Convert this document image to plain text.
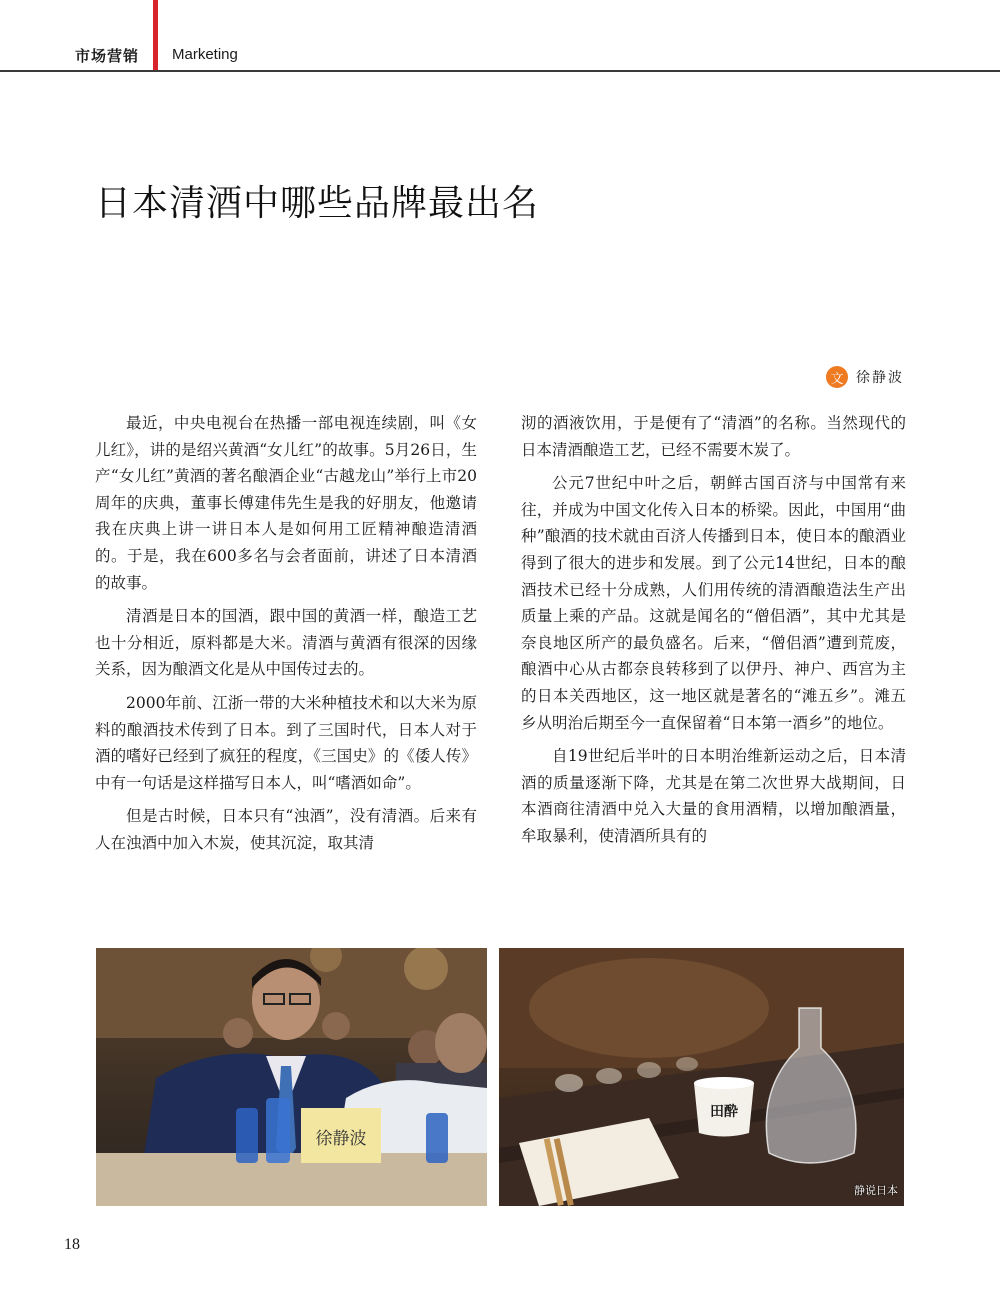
市场营销 Marketing
日本清酒中哪些品牌最出名
文 徐静波

最近，中央电视台在热播一部电视连续剧，叫《女儿红》，讲的是绍兴黄酒“女儿红”的故事。5月26日，生产“女儿红”黄酒的著名酿酒企业“古越龙山”举行上市20周年的庆典，董事长傅建伟先生是我的好朋友，他邀请我在庆典上讲一讲日本人是如何用工匠精神酿造清酒的。于是，我在600多名与会者面前，讲述了日本清酒的故事。

清酒是日本的国酒，跟中国的黄酒一样，酿造工艺也十分相近，原料都是大米。清酒与黄酒有很深的因缘关系，因为酿酒文化是从中国传过去的。

2000年前、江浙一带的大米种植技术和以大米为原料的酿酒技术传到了日本。到了三国时代，日本人对于酒的嗜好已经到了疯狂的程度，《三国史》的《倭人传》中有一句话是这样描写日本人，叫“嗜酒如命”。

但是古时候，日本只有“浊酒”，没有清酒。后来有人在浊酒中加入木炭，使其沉淀，取其清

沏的酒液饮用，于是便有了“清酒”的名称。当然现代的日本清酒酿造工艺，已经不需要木炭了。

公元7世纪中叶之后，朝鲜古国百济与中国常有来往，并成为中国文化传入日本的桥梁。因此，中国用“曲种”酿酒的技术就由百济人传播到日本，使日本的酿酒业得到了很大的进步和发展。到了公元14世纪，日本的酿酒技术已经十分成熟，人们用传统的清酒酿造法生产出质量上乘的产品。这就是闻名的“僧侣酒”，其中尤其是奈良地区所产的最负盛名。后来，“僧侣酒”遭到荒废，酿酒中心从古都奈良转移到了以伊丹、神户、西宫为主的日本关西地区，这一地区就是著名的“滩五乡”。滩五乡从明治后期至今一直保留着“日本第一酒乡”的地位。

自19世纪后半叶的日本明治维新运动之后，日本清酒的质量逐渐下降，尤其是在第二次世界大战期间，日本酒商往清酒中兑入大量的食用酒精，以增加酿酒量，牟取暴利，使清酒所具有的

徐静波
田酔
静说日本
18
